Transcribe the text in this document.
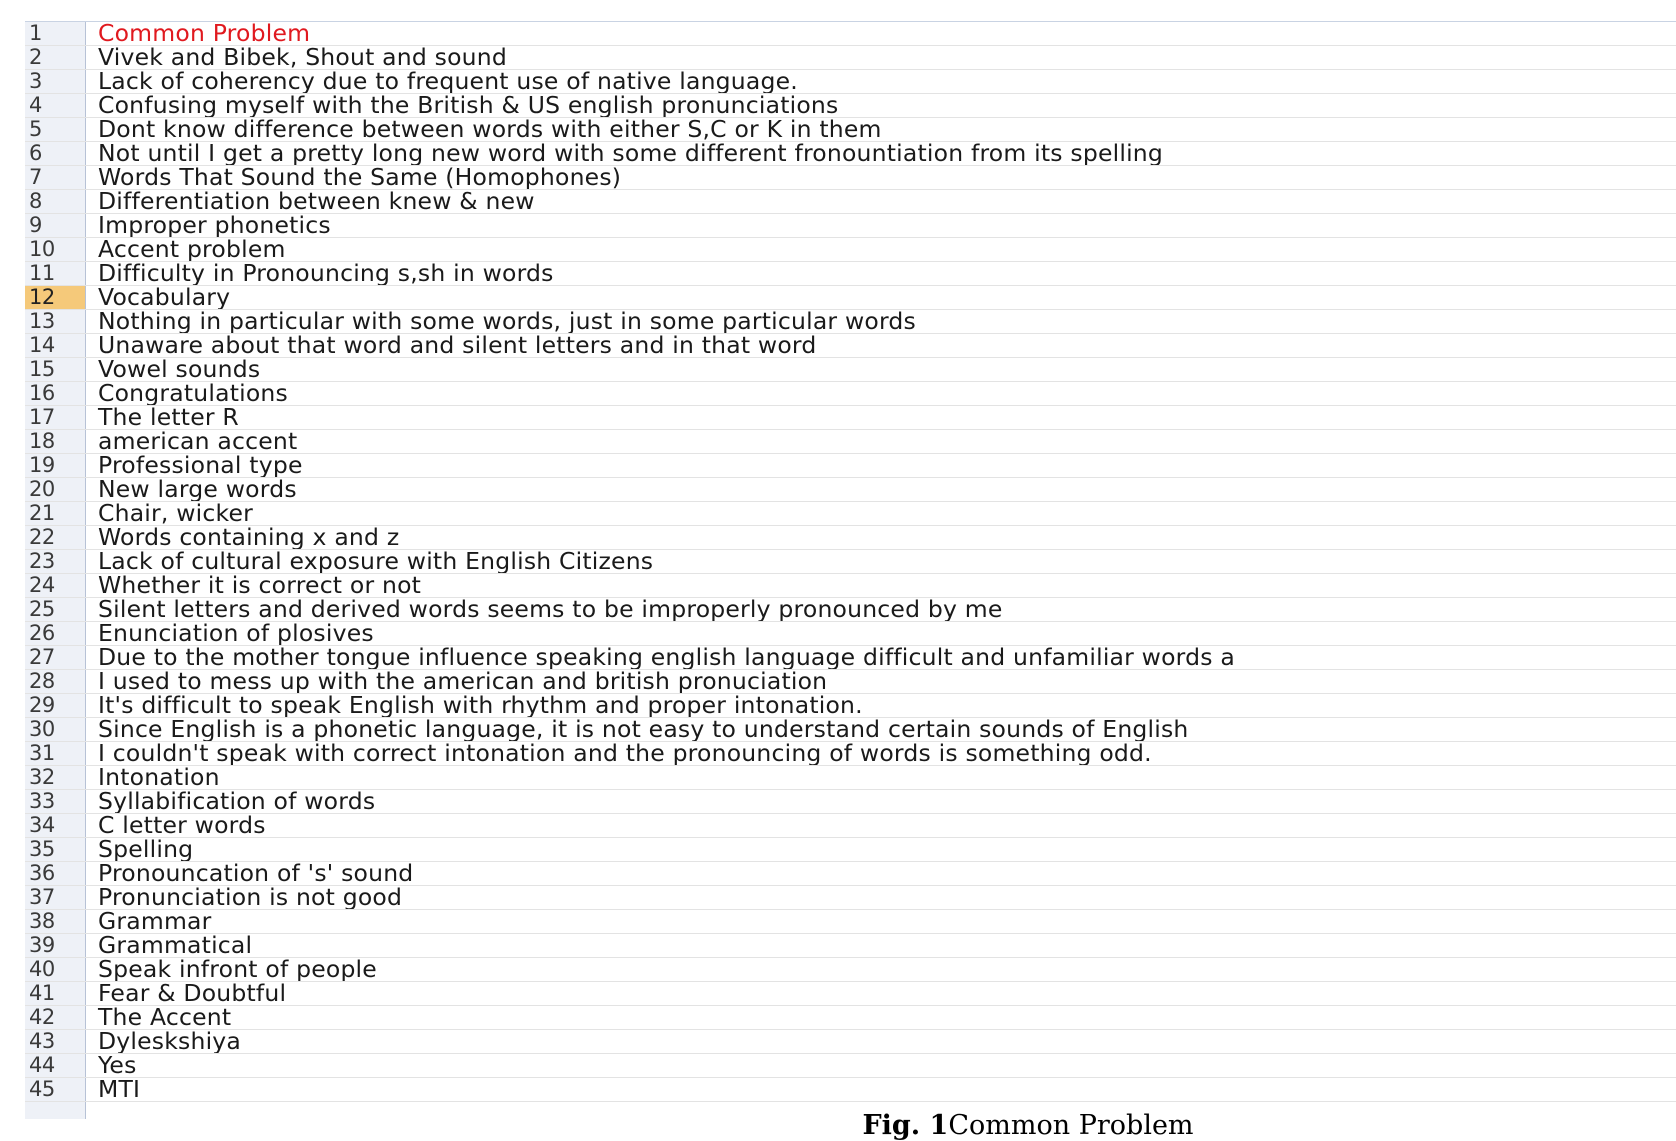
1	Common Problem
2	Vivek and Bibek, Shout and sound
3	Lack of coherency due to frequent use of native language.
4	Confusing myself with the British & US english pronunciations
5	Dont know difference between words with either S,C or K in them
6	Not until I get a pretty long new word with some different fronountiation from its spelling
7	Words That Sound the Same (Homophones)
8	Differentiation between knew & new
9	Improper phonetics
10	Accent problem
11	Difficulty in Pronouncing s,sh in words
12	Vocabulary
13	Nothing in particular with some words, just in some particular words
14	Unaware about that word and silent letters and in that word
15	Vowel sounds
16	Congratulations
17	The letter R
18	american accent
19	Professional type
20	New large words
21	Chair, wicker
22	Words containing x and z
23	Lack of cultural exposure with English Citizens
24	Whether it is correct or not
25	Silent letters and derived words seems to be improperly pronounced by me
26	Enunciation of plosives
27	Due to the mother tongue influence speaking english language difficult and unfamiliar words a
28	I used to mess up with the american and british pronuciation
29	It's difficult to speak English with rhythm and proper intonation.
30	Since English is a phonetic language, it is not easy to understand certain sounds of English
31	I couldn't speak with correct intonation and the pronouncing of words is something odd.
32	Intonation
33	Syllabification of words
34	C letter words
35	Spelling
36	Pronouncation of 's' sound
37	Pronunciation is not good
38	Grammar
39	Grammatical
40	Speak infront of people
41	Fear & Doubtful
42	The Accent
43	Dyleskshiya
44	Yes
45	MTI
Fig. 1Common Problem
